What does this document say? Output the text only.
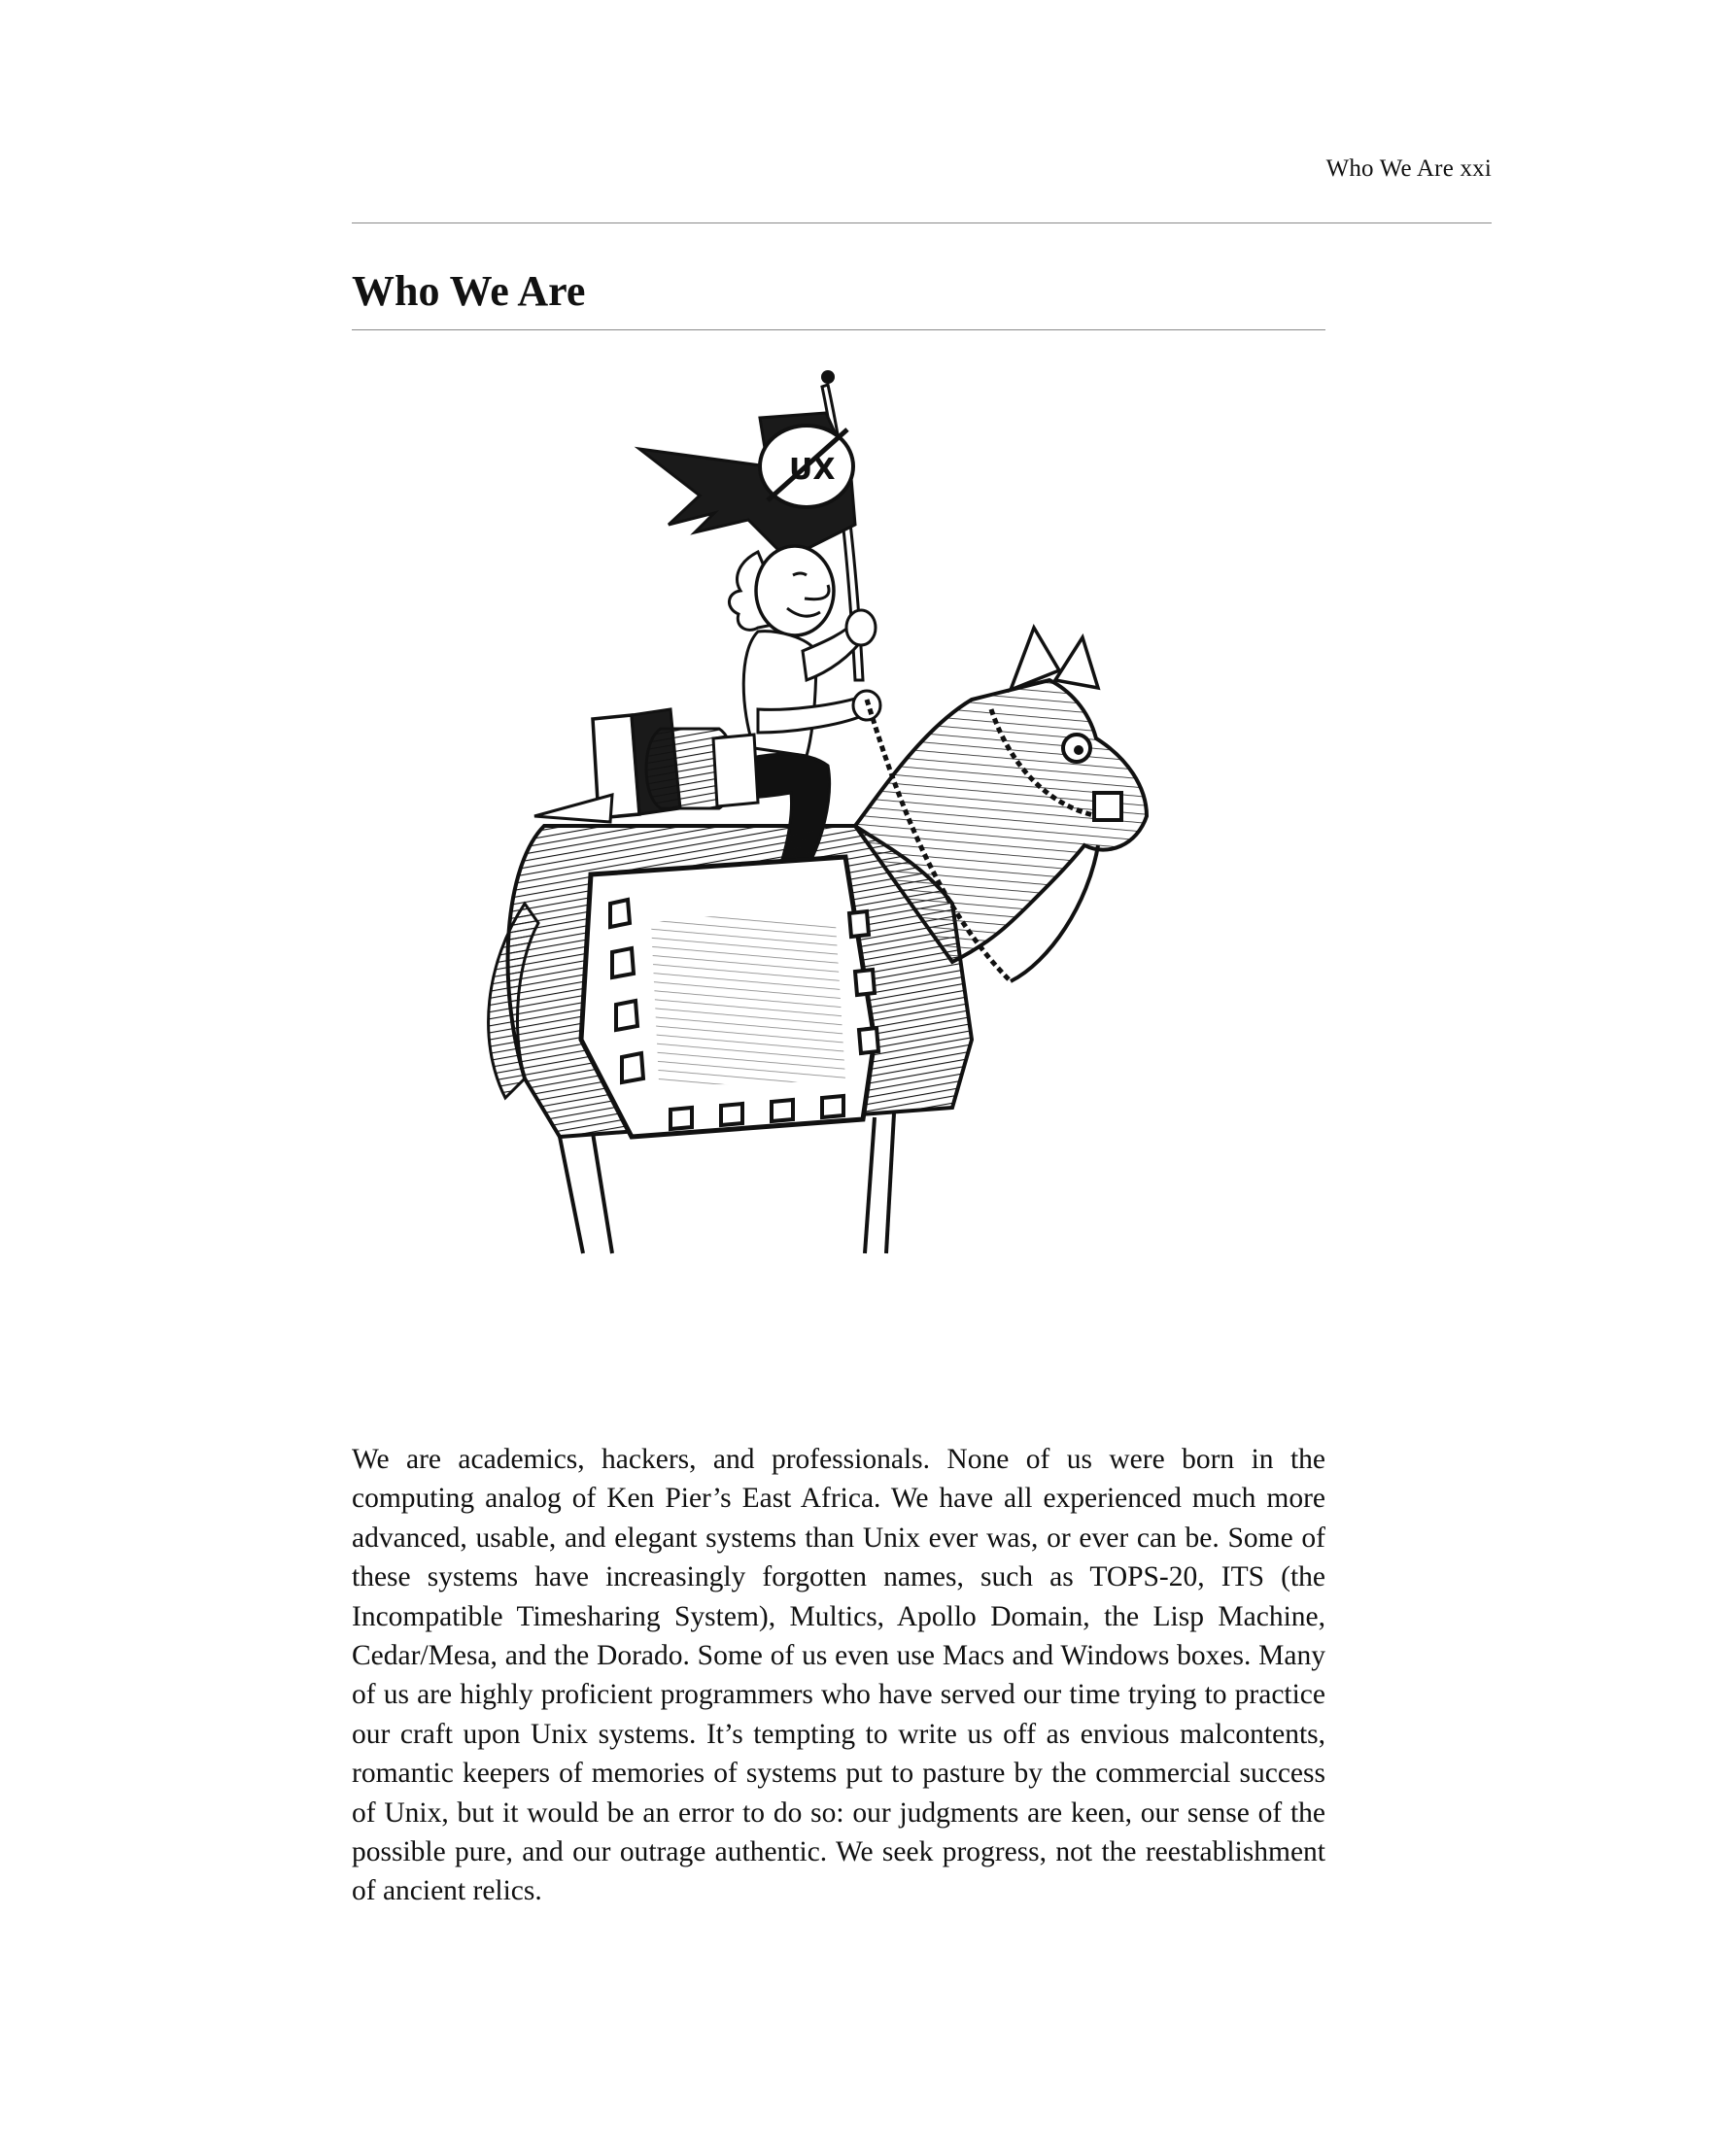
Who We Are xxi
Who We Are
UX

We are academics, hackers, and professionals. None of us were born in the computing analog of Ken Pier’s East Africa. We have all experienced much more advanced, usable, and elegant systems than Unix ever was, or ever can be. Some of these systems have increasingly forgotten names, such as TOPS-20, ITS (the Incompatible Timesharing System), Multics, Apollo Domain, the Lisp Machine, Cedar/Mesa, and the Dorado. Some of us even use Macs and Windows boxes. Many of us are highly proficient programmers who have served our time trying to practice our craft upon Unix systems. It’s tempting to write us off as envious malcontents, romantic keepers of memories of systems put to pasture by the commercial success of Unix, but it would be an error to do so: our judgments are keen, our sense of the possible pure, and our outrage authentic. We seek progress, not the reestablishment of ancient relics.
